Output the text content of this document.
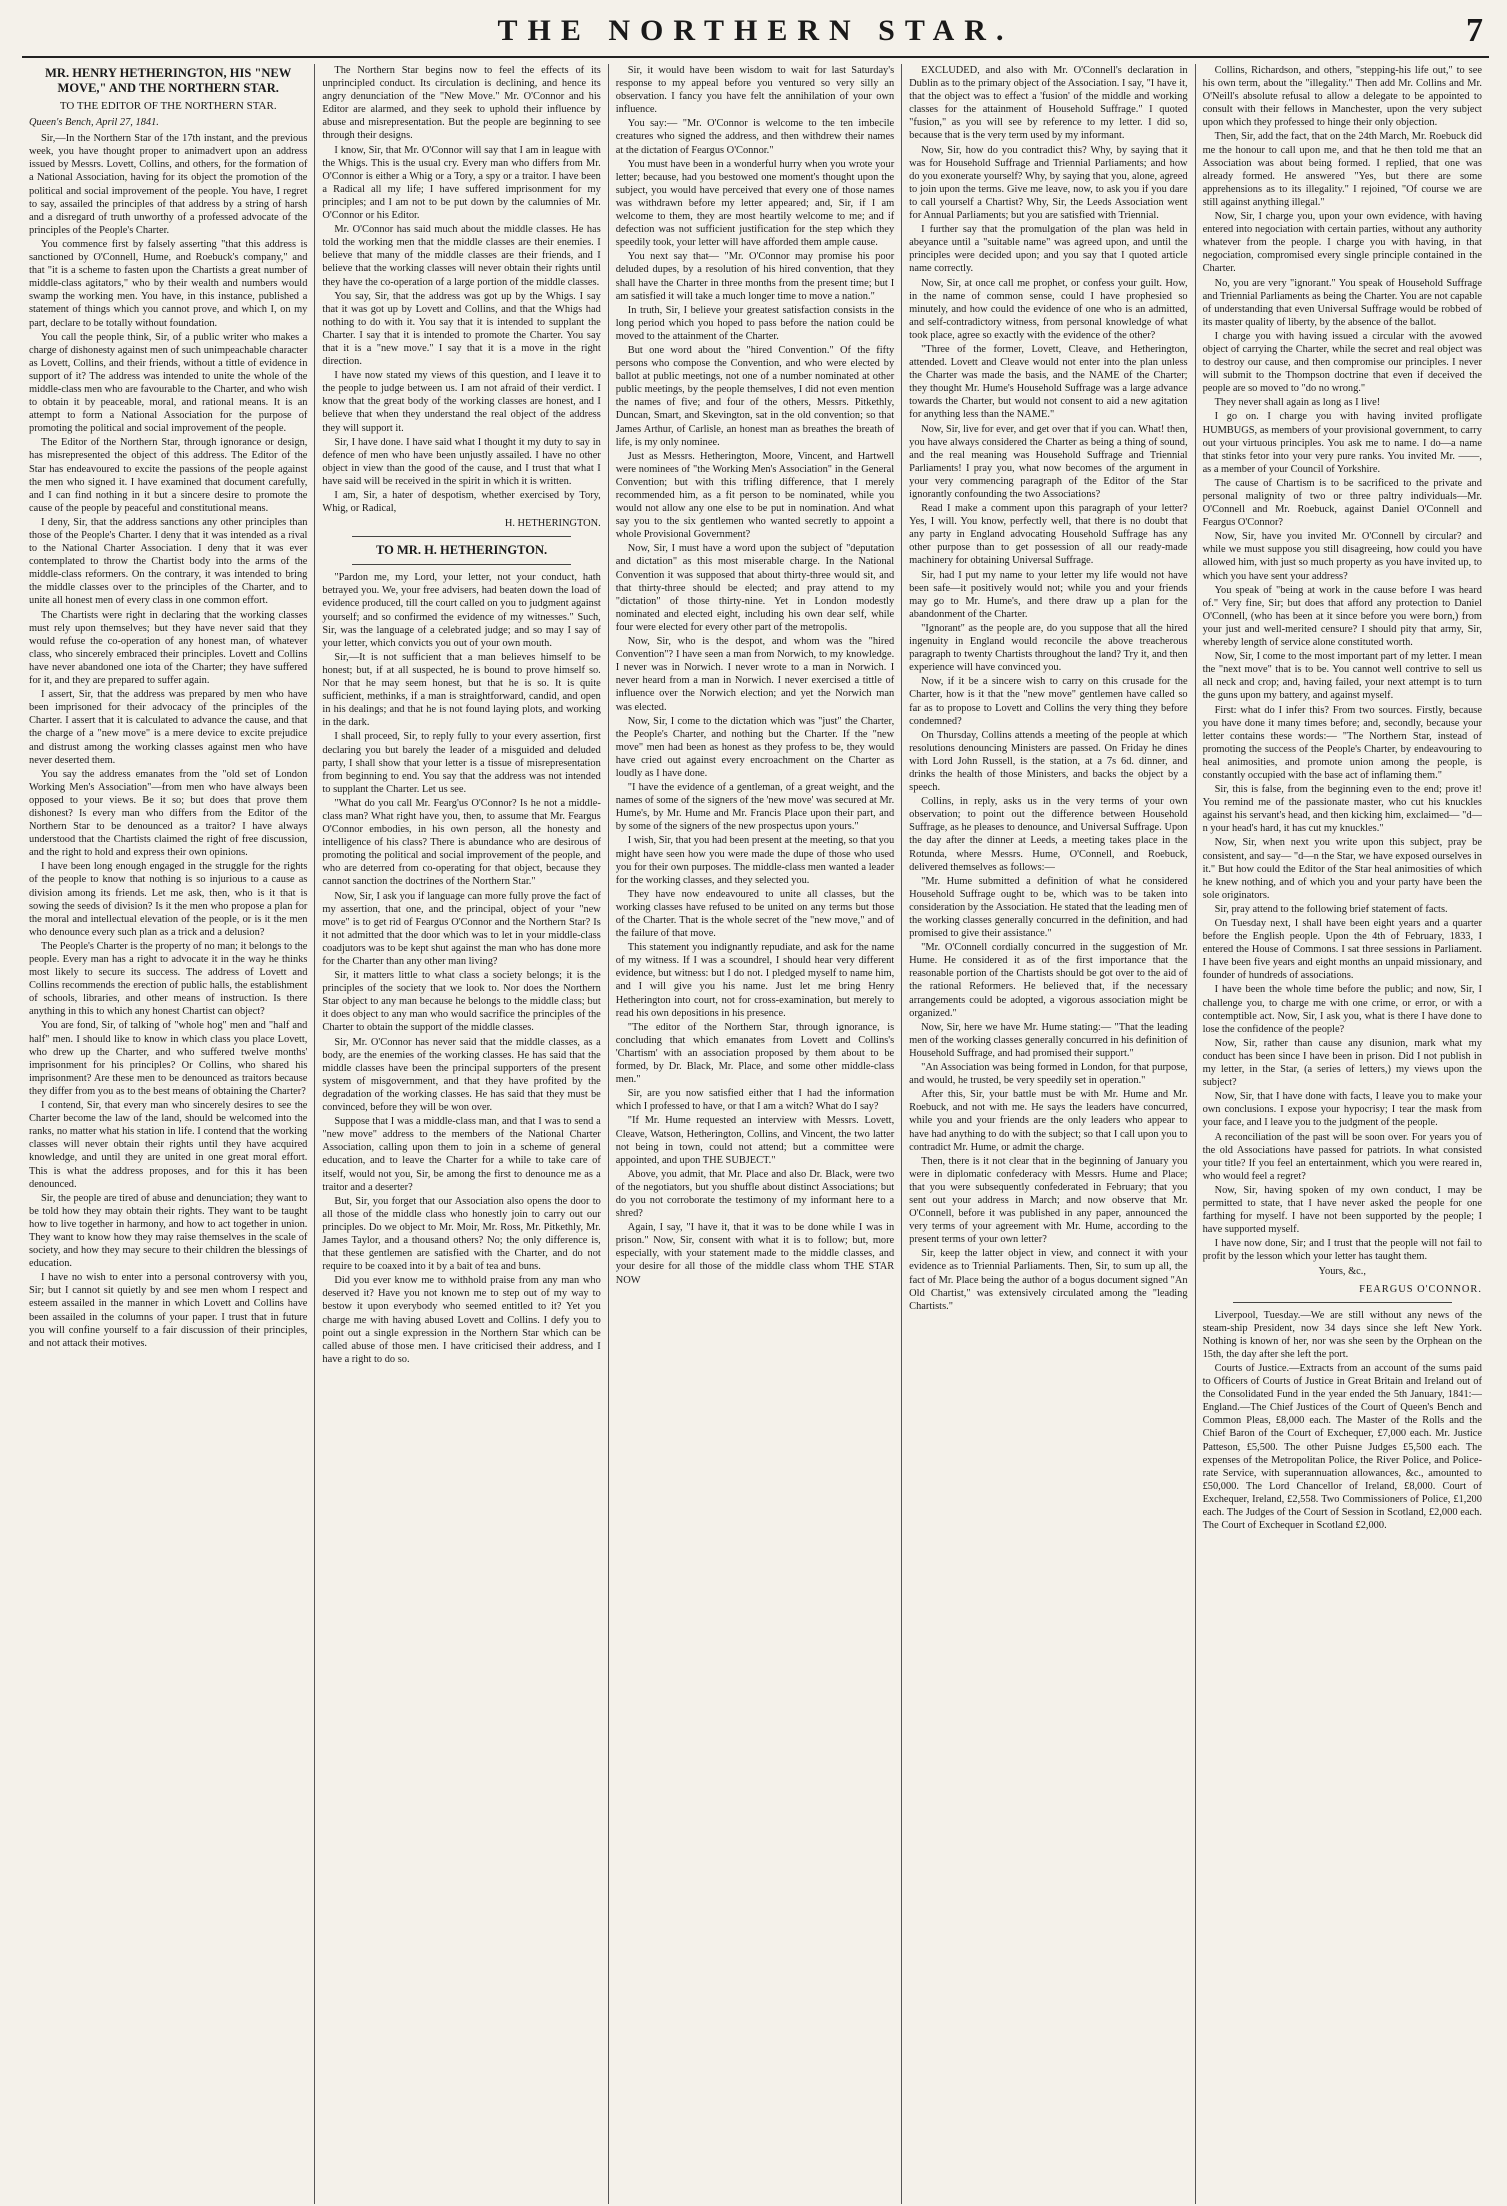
THE NORTHERN STAR.	7
MR. HENRY HETHERINGTON, HIS "NEW MOVE," AND THE NORTHERN STAR.
TO THE EDITOR OF THE NORTHERN STAR.
Queen's Bench, April 27, 1841.

Sir,—In the Northern Star of the 17th instant, and the previous week, you have thought proper to animadvert upon an address issued by Messrs. Lovett, Collins, and others, for the formation of a National Association, having for its object the promotion of the political and social improvement of the people. You have, I regret to say, assailed the principles of that address by a string of harsh and a disregard of truth unworthy of a professed advocate of the principles of the People's Charter.

You commence first by falsely asserting "that this address is sanctioned by O'Connell, Hume, and Roebuck's company," and that "it is a scheme to fasten upon the Chartists a great number of middle-class agitators," who by their wealth and numbers would swamp the working men. You have, in this instance, published a statement of things which you cannot prove, and which I, on my part, declare to be totally without foundation.

You call the people think, Sir, of a public writer who makes a charge of dishonesty against men of such unimpeachable character as Lovett, Collins, and their friends, without a tittle of evidence in support of it? The address was intended to unite the whole of the middle-class men who are favourable to the Charter, and who wish to obtain it by peaceable, moral, and rational means. It is an attempt to form a National Association for the purpose of promoting the political and social improvement of the people.

The Editor of the Northern Star, through ignorance or design, has misrepresented the object of this address. The Editor of the Star has endeavoured to excite the passions of the people against the men who signed it. I have examined that document carefully, and I can find nothing in it but a sincere desire to promote the cause of the people by peaceful and constitutional means.

I deny, Sir, that the address sanctions any other principles than those of the People's Charter. I deny that it was intended as a rival to the National Charter Association. I deny that it was ever contemplated to throw the Chartist body into the arms of the middle-class reformers. On the contrary, it was intended to bring the middle classes over to the principles of the Charter, and to unite all honest men of every class in one common effort.

The Chartists were right in declaring that the working classes must rely upon themselves; but they have never said that they would refuse the co-operation of any honest man, of whatever class, who sincerely embraced their principles. Lovett and Collins have never abandoned one iota of the Charter; they have suffered for it, and they are prepared to suffer again.

I assert, Sir, that the address was prepared by men who have been imprisoned for their advocacy of the principles of the Charter. I assert that it is calculated to advance the cause, and that the charge of a "new move" is a mere device to excite prejudice and distrust among the working classes against men who have never deserted them.

You say the address emanates from the "old set of London Working Men's Association"—from men who have always been opposed to your views. Be it so; but does that prove them dishonest? Is every man who differs from the Editor of the Northern Star to be denounced as a traitor? I have always understood that the Chartists claimed the right of free discussion, and the right to hold and express their own opinions.

I have been long enough engaged in the struggle for the rights of the people to know that nothing is so injurious to a cause as division among its friends. Let me ask, then, who is it that is sowing the seeds of division? Is it the men who propose a plan for the moral and intellectual elevation of the people, or is it the men who denounce every such plan as a trick and a delusion?

The People's Charter is the property of no man; it belongs to the people. Every man has a right to advocate it in the way he thinks most likely to secure its success. The address of Lovett and Collins recommends the erection of public halls, the establishment of schools, libraries, and other means of instruction. Is there anything in this to which any honest Chartist can object?

You are fond, Sir, of talking of "whole hog" men and "half and half" men. I should like to know in which class you place Lovett, who drew up the Charter, and who suffered twelve months' imprisonment for his principles? Or Collins, who shared his imprisonment? Are these men to be denounced as traitors because they differ from you as to the best means of obtaining the Charter?

I contend, Sir, that every man who sincerely desires to see the Charter become the law of the land, should be welcomed into the ranks, no matter what his station in life. I contend that the working classes will never obtain their rights until they have acquired knowledge, and until they are united in one great moral effort. This is what the address proposes, and for this it has been denounced.

Sir, the people are tired of abuse and denunciation; they want to be told how they may obtain their rights. They want to be taught how to live together in harmony, and how to act together in union. They want to know how they may raise themselves in the scale of society, and how they may secure to their children the blessings of education.

I have no wish to enter into a personal controversy with you, Sir; but I cannot sit quietly by and see men whom I respect and esteem assailed in the manner in which Lovett and Collins have been assailed in the columns of your paper. I trust that in future you will confine yourself to a fair discussion of their principles, and not attack their motives.

The Northern Star begins now to feel the effects of its unprincipled conduct. Its circulation is declining, and hence its angry denunciation of the "New Move." Mr. O'Connor and his Editor are alarmed, and they seek to uphold their influence by abuse and misrepresentation. But the people are beginning to see through their designs.

I know, Sir, that Mr. O'Connor will say that I am in league with the Whigs. This is the usual cry. Every man who differs from Mr. O'Connor is either a Whig or a Tory, a spy or a traitor. I have been a Radical all my life; I have suffered imprisonment for my principles; and I am not to be put down by the calumnies of Mr. O'Connor or his Editor.

Mr. O'Connor has said much about the middle classes. He has told the working men that the middle classes are their enemies. I believe that many of the middle classes are their friends, and I believe that the working classes will never obtain their rights until they have the co-operation of a large portion of the middle classes.

You say, Sir, that the address was got up by the Whigs. I say that it was got up by Lovett and Collins, and that the Whigs had nothing to do with it. You say that it is intended to supplant the Charter. I say that it is intended to promote the Charter. You say that it is a "new move." I say that it is a move in the right direction.

I have now stated my views of this question, and I leave it to the people to judge between us. I am not afraid of their verdict. I know that the great body of the working classes are honest, and I believe that when they understand the real object of the address they will support it.

Sir, I have done. I have said what I thought it my duty to say in defence of men who have been unjustly assailed. I have no other object in view than the good of the cause, and I trust that what I have said will be received in the spirit in which it is written.

I am, Sir, a hater of despotism, whether exercised by Tory, Whig, or Radical,

H. HETHERINGTON.
TO MR. H. HETHERINGTON.

"Pardon me, my Lord, your letter, not your conduct, hath betrayed you. We, your free advisers, had beaten down the load of evidence produced, till the court called on you to judgment against yourself; and so confirmed the evidence of my witnesses." Such, Sir, was the language of a celebrated judge; and so may I say of your letter, which convicts you out of your own mouth.

Sir,—It is not sufficient that a man believes himself to be honest; but, if at all suspected, he is bound to prove himself so. Nor that he may seem honest, but that he is so. It is quite sufficient, methinks, if a man is straightforward, candid, and open in his dealings; and that he is not found laying plots, and working in the dark.

I shall proceed, Sir, to reply fully to your every assertion, first declaring you but barely the leader of a misguided and deluded party, I shall show that your letter is a tissue of misrepresentation from beginning to end. You say that the address was not intended to supplant the Charter. Let us see.

"What do you call Mr. Fearg'us O'Connor? Is he not a middle-class man? What right have you, then, to assume that Mr. Feargus O'Connor embodies, in his own person, all the honesty and intelligence of his class? There is abundance who are desirous of promoting the political and social improvement of the people, and who are deterred from co-operating for that object, because they cannot sanction the doctrines of the Northern Star."

Now, Sir, I ask you if language can more fully prove the fact of my assertion, that one, and the principal, object of your "new move" is to get rid of Feargus O'Connor and the Northern Star? Is it not admitted that the door which was to let in your middle-class coadjutors was to be kept shut against the man who has done more for the Charter than any other man living?

Sir, it matters little to what class a society belongs; it is the principles of the society that we look to. Nor does the Northern Star object to any man because he belongs to the middle class; but it does object to any man who would sacrifice the principles of the Charter to obtain the support of the middle classes.

Sir, Mr. O'Connor has never said that the middle classes, as a body, are the enemies of the working classes. He has said that the middle classes have been the principal supporters of the present system of misgovernment, and that they have profited by the degradation of the working classes. He has said that they must be convinced, before they will be won over.

Suppose that I was a middle-class man, and that I was to send a "new move" address to the members of the National Charter Association, calling upon them to join in a scheme of general education, and to leave the Charter for a while to take care of itself, would not you, Sir, be among the first to denounce me as a traitor and a deserter?

But, Sir, you forget that our Association also opens the door to all those of the middle class who honestly join to carry out our principles. Do we object to Mr. Moir, Mr. Ross, Mr. Pitkethly, Mr. James Taylor, and a thousand others? No; the only difference is, that these gentlemen are satisfied with the Charter, and do not require to be coaxed into it by a bait of tea and buns.

Did you ever know me to withhold praise from any man who deserved it? Have you not known me to step out of my way to bestow it upon everybody who seemed entitled to it? Yet you charge me with having abused Lovett and Collins. I defy you to point out a single expression in the Northern Star which can be called abuse of those men. I have criticised their address, and I have a right to do so.

Sir, it would have been wisdom to wait for last Saturday's response to my appeal before you ventured so very silly an observation. I fancy you have felt the annihilation of your own influence.

You say:— "Mr. O'Connor is welcome to the ten imbecile creatures who signed the address, and then withdrew their names at the dictation of Feargus O'Connor."

You must have been in a wonderful hurry when you wrote your letter; because, had you bestowed one moment's thought upon the subject, you would have perceived that every one of those names was withdrawn before my letter appeared; and, Sir, if I am welcome to them, they are most heartily welcome to me; and if defection was not sufficient justification for the step which they speedily took, your letter will have afforded them ample cause.

You next say that— "Mr. O'Connor may promise his poor deluded dupes, by a resolution of his hired convention, that they shall have the Charter in three months from the present time; but I am satisfied it will take a much longer time to move a nation."

In truth, Sir, I believe your greatest satisfaction consists in the long period which you hoped to pass before the nation could be moved to the attainment of the Charter.

But one word about the "hired Convention." Of the fifty persons who compose the Convention, and who were elected by ballot at public meetings, not one of a number nominated at other public meetings, by the people themselves, I did not even mention the names of five; and four of the others, Messrs. Pitkethly, Duncan, Smart, and Skevington, sat in the old convention; so that James Arthur, of Carlisle, an honest man as breathes the breath of life, is my only nominee.

Just as Messrs. Hetherington, Moore, Vincent, and Hartwell were nominees of "the Working Men's Association" in the General Convention; but with this trifling difference, that I merely recommended him, as a fit person to be nominated, while you would not allow any one else to be put in nomination. And what say you to the six gentlemen who wanted secretly to appoint a whole Provisional Government?

Now, Sir, I must have a word upon the subject of "deputation and dictation" as this most miserable charge. In the National Convention it was supposed that about thirty-three would sit, and that thirty-three should be elected; and pray attend to my "dictation" of those thirty-nine. Yet in London modestly nominated and elected eight, including his own dear self, while four were elected for every other part of the metropolis.

Now, Sir, who is the despot, and whom was the "hired Convention"? I have seen a man from Norwich, to my knowledge. I never was in Norwich. I never wrote to a man in Norwich. I never heard from a man in Norwich. I never exercised a tittle of influence over the Norwich election; and yet the Norwich man was elected.

Now, Sir, I come to the dictation which was "just" the Charter, the People's Charter, and nothing but the Charter. If the "new move" men had been as honest as they profess to be, they would have cried out against every encroachment on the Charter as loudly as I have done.

"I have the evidence of a gentleman, of a great weight, and the names of some of the signers of the 'new move' was secured at Mr. Hume's, by Mr. Hume and Mr. Francis Place upon their part, and by some of the signers of the new prospectus upon yours."

I wish, Sir, that you had been present at the meeting, so that you might have seen how you were made the dupe of those who used you for their own purposes. The middle-class men wanted a leader for the working classes, and they selected you.

They have now endeavoured to unite all classes, but the working classes have refused to be united on any terms but those of the Charter. That is the whole secret of the "new move," and of the failure of that move.

This statement you indignantly repudiate, and ask for the name of my witness. If I was a scoundrel, I should hear very different evidence, but witness: but I do not. I pledged myself to name him, and I will give you his name. Just let me bring Henry Hetherington into court, not for cross-examination, but merely to read his own depositions in his presence.

"The editor of the Northern Star, through ignorance, is concluding that which emanates from Lovett and Collins's 'Chartism' with an association proposed by them about to be formed, by Dr. Black, Mr. Place, and some other middle-class men."

Sir, are you now satisfied either that I had the information which I professed to have, or that I am a witch? What do I say?

"If Mr. Hume requested an interview with Messrs. Lovett, Cleave, Watson, Hetherington, Collins, and Vincent, the two latter not being in town, could not attend; but a committee were appointed, and upon THE SUBJECT."

Above, you admit, that Mr. Place and also Dr. Black, were two of the negotiators, but you shuffle about distinct Associations; but do you not corroborate the testimony of my informant here to a shred?

Again, I say, "I have it, that it was to be done while I was in prison." Now, Sir, consent with what it is to follow; but, more especially, with your statement made to the middle classes, and your desire for all those of the middle class whom THE STAR NOW

EXCLUDED, and also with Mr. O'Connell's declaration in Dublin as to the primary object of the Association. I say, "I have it, that the object was to effect a 'fusion' of the middle and working classes for the attainment of Household Suffrage." I quoted "fusion," as you will see by reference to my letter. I did so, because that is the very term used by my informant.

Now, Sir, how do you contradict this? Why, by saying that it was for Household Suffrage and Triennial Parliaments; and how do you exonerate yourself? Why, by saying that you, alone, agreed to join upon the terms. Give me leave, now, to ask you if you dare to call yourself a Chartist? Why, Sir, the Leeds Association went for Annual Parliaments; but you are satisfied with Triennial.

I further say that the promulgation of the plan was held in abeyance until a "suitable name" was agreed upon, and until the principles were decided upon; and you say that I quoted article name correctly.

Now, Sir, at once call me prophet, or confess your guilt. How, in the name of common sense, could I have prophesied so minutely, and how could the evidence of one who is an admitted, and self-contradictory witness, from personal knowledge of what took place, agree so exactly with the evidence of the other?

"Three of the former, Lovett, Cleave, and Hetherington, attended. Lovett and Cleave would not enter into the plan unless the Charter was made the basis, and the NAME of the Charter; they thought Mr. Hume's Household Suffrage was a large advance towards the Charter, but would not consent to aid a new agitation for anything less than the NAME."

Now, Sir, live for ever, and get over that if you can. What! then, you have always considered the Charter as being a thing of sound, and the real meaning was Household Suffrage and Triennial Parliaments! I pray you, what now becomes of the argument in your very commencing paragraph of the Editor of the Star ignorantly confounding the two Associations?

Read I make a comment upon this paragraph of your letter? Yes, I will. You know, perfectly well, that there is no doubt that any party in England advocating Household Suffrage has any other purpose than to get possession of all our ready-made machinery for obtaining Universal Suffrage.

Sir, had I put my name to your letter my life would not have been safe—it positively would not; while you and your friends may go to Mr. Hume's, and there draw up a plan for the abandonment of the Charter.

"Ignorant" as the people are, do you suppose that all the hired ingenuity in England would reconcile the above treacherous paragraph to twenty Chartists throughout the land? Try it, and then experience will have convinced you.

Now, if it be a sincere wish to carry on this crusade for the Charter, how is it that the "new move" gentlemen have called so far as to propose to Lovett and Collins the very thing they before condemned?

On Thursday, Collins attends a meeting of the people at which resolutions denouncing Ministers are passed. On Friday he dines with Lord John Russell, is the station, at a 7s 6d. dinner, and drinks the health of those Ministers, and backs the object by a speech.

Collins, in reply, asks us in the very terms of your own observation; to point out the difference between Household Suffrage, as he pleases to denounce, and Universal Suffrage. Upon the day after the dinner at Leeds, a meeting takes place in the Rotunda, where Messrs. Hume, O'Connell, and Roebuck, delivered themselves as follows:—

"Mr. Hume submitted a definition of what he considered Household Suffrage ought to be, which was to be taken into consideration by the Association. He stated that the leading men of the working classes generally concurred in the definition, and had promised to give their assistance."

"Mr. O'Connell cordially concurred in the suggestion of Mr. Hume. He considered it as of the first importance that the reasonable portion of the Chartists should be got over to the aid of the rational Reformers. He believed that, if the necessary arrangements could be adopted, a vigorous association might be organized."

Now, Sir, here we have Mr. Hume stating:— "That the leading men of the working classes generally concurred in his definition of Household Suffrage, and had promised their support."

"An Association was being formed in London, for that purpose, and would, he trusted, be very speedily set in operation."

After this, Sir, your battle must be with Mr. Hume and Mr. Roebuck, and not with me. He says the leaders have concurred, while you and your friends are the only leaders who appear to have had anything to do with the subject; so that I call upon you to contradict Mr. Hume, or admit the charge.

Then, there is it not clear that in the beginning of January you were in diplomatic confederacy with Messrs. Hume and Place; that you were subsequently confederated in February; that you sent out your address in March; and now observe that Mr. O'Connell, before it was published in any paper, announced the very terms of your agreement with Mr. Hume, according to the present terms of your own letter?

Sir, keep the latter object in view, and connect it with your evidence as to Triennial Parliaments. Then, Sir, to sum up all, the fact of Mr. Place being the author of a bogus document signed "An Old Chartist," was extensively circulated among the "leading Chartists."

Collins, Richardson, and others, "stepping-his life out," to see his own term, about the "illegality." Then add Mr. Collins and Mr. O'Neill's absolute refusal to allow a delegate to be appointed to consult with their fellows in Manchester, upon the very subject upon which they professed to hinge their only objection.

Then, Sir, add the fact, that on the 24th March, Mr. Roebuck did me the honour to call upon me, and that he then told me that an Association was about being formed. I replied, that one was already formed. He answered "Yes, but there are some apprehensions as to its illegality." I rejoined, "Of course we are still against anything illegal."

Now, Sir, I charge you, upon your own evidence, with having entered into negociation with certain parties, without any authority whatever from the people. I charge you with having, in that negociation, compromised every single principle contained in the Charter.

No, you are very "ignorant." You speak of Household Suffrage and Triennial Parliaments as being the Charter. You are not capable of understanding that even Universal Suffrage would be robbed of its master quality of liberty, by the absence of the ballot.

I charge you with having issued a circular with the avowed object of carrying the Charter, while the secret and real object was to destroy our cause, and then compromise our principles. I never will submit to the Thompson doctrine that even if deceived the people are so moved to "do no wrong."

They never shall again as long as I live!

I go on. I charge you with having invited profligate HUMBUGS, as members of your provisional government, to carry out your virtuous principles. You ask me to name. I do—a name that stinks fetor into your very pure ranks. You invited Mr. ——, as a member of your Council of Yorkshire.

The cause of Chartism is to be sacrificed to the private and personal malignity of two or three paltry individuals—Mr. O'Connell and Mr. Roebuck, against Daniel O'Connell and Feargus O'Connor?

Now, Sir, have you invited Mr. O'Connell by circular? and while we must suppose you still disagreeing, how could you have allowed him, with just so much property as you have invited up, to which you have sent your address?

You speak of "being at work in the cause before I was heard of." Very fine, Sir; but does that afford any protection to Daniel O'Connell, (who has been at it since before you were born,) from your just and well-merited censure? I should pity that army, Sir, whereby length of service alone constituted worth.

Now, Sir, I come to the most important part of my letter. I mean the "next move" that is to be. You cannot well contrive to sell us all neck and crop; and, having failed, your next attempt is to turn the guns upon my battery, and against myself.

First: what do I infer this? From two sources. Firstly, because you have done it many times before; and, secondly, because your letter contains these words:— "The Northern Star, instead of promoting the success of the People's Charter, by endeavouring to heal animosities, and promote union among the people, is constantly occupied with the base act of inflaming them."

Sir, this is false, from the beginning even to the end; prove it! You remind me of the passionate master, who cut his knuckles against his servant's head, and then kicking him, exclaimed— "d—n your head's hard, it has cut my knuckles."

Now, Sir, when next you write upon this subject, pray be consistent, and say— "d—n the Star, we have exposed ourselves in it." But how could the Editor of the Star heal animosities of which he knew nothing, and of which you and your party have been the sole originators.

Sir, pray attend to the following brief statement of facts.

On Tuesday next, I shall have been eight years and a quarter before the English people. Upon the 4th of February, 1833, I entered the House of Commons. I sat three sessions in Parliament. I have been five years and eight months an unpaid missionary, and founder of hundreds of associations.

I have been the whole time before the public; and now, Sir, I challenge you, to charge me with one crime, or error, or with a contemptible act. Now, Sir, I ask you, what is there I have done to lose the confidence of the people?

Now, Sir, rather than cause any disunion, mark what my conduct has been since I have been in prison. Did I not publish in my letter, in the Star, (a series of letters,) my views upon the subject?

Now, Sir, that I have done with facts, I leave you to make your own conclusions. I expose your hypocrisy; I tear the mask from your face, and I leave you to the judgment of the people.

A reconciliation of the past will be soon over. For years you of the old Associations have passed for patriots. In what consisted your title? If you feel an entertainment, which you were reared in, who would feel a regret?

Now, Sir, having spoken of my own conduct, I may be permitted to state, that I have never asked the people for one farthing for myself. I have not been supported by the people; I have supported myself.

I have now done, Sir; and I trust that the people will not fail to profit by the lesson which your letter has taught them.

Yours, &c.,
FEARGUS O'CONNOR.

Liverpool, Tuesday.—We are still without any news of the steam-ship President, now 34 days since she left New York. Nothing is known of her, nor was she seen by the Orphean on the 15th, the day after she left the port.

Courts of Justice.—Extracts from an account of the sums paid to Officers of Courts of Justice in Great Britain and Ireland out of the Consolidated Fund in the year ended the 5th January, 1841:—England.—The Chief Justices of the Court of Queen's Bench and Common Pleas, £8,000 each. The Master of the Rolls and the Chief Baron of the Court of Exchequer, £7,000 each. Mr. Justice Patteson, £5,500. The other Puisne Judges £5,500 each. The expenses of the Metropolitan Police, the River Police, and Police-rate Service, with superannuation allowances, &c., amounted to £50,000. The Lord Chancellor of Ireland, £8,000. Court of Exchequer, Ireland, £2,558. Two Commissioners of Police, £1,200 each. The Judges of the Court of Session in Scotland, £2,000 each. The Court of Exchequer in Scotland £2,000.
